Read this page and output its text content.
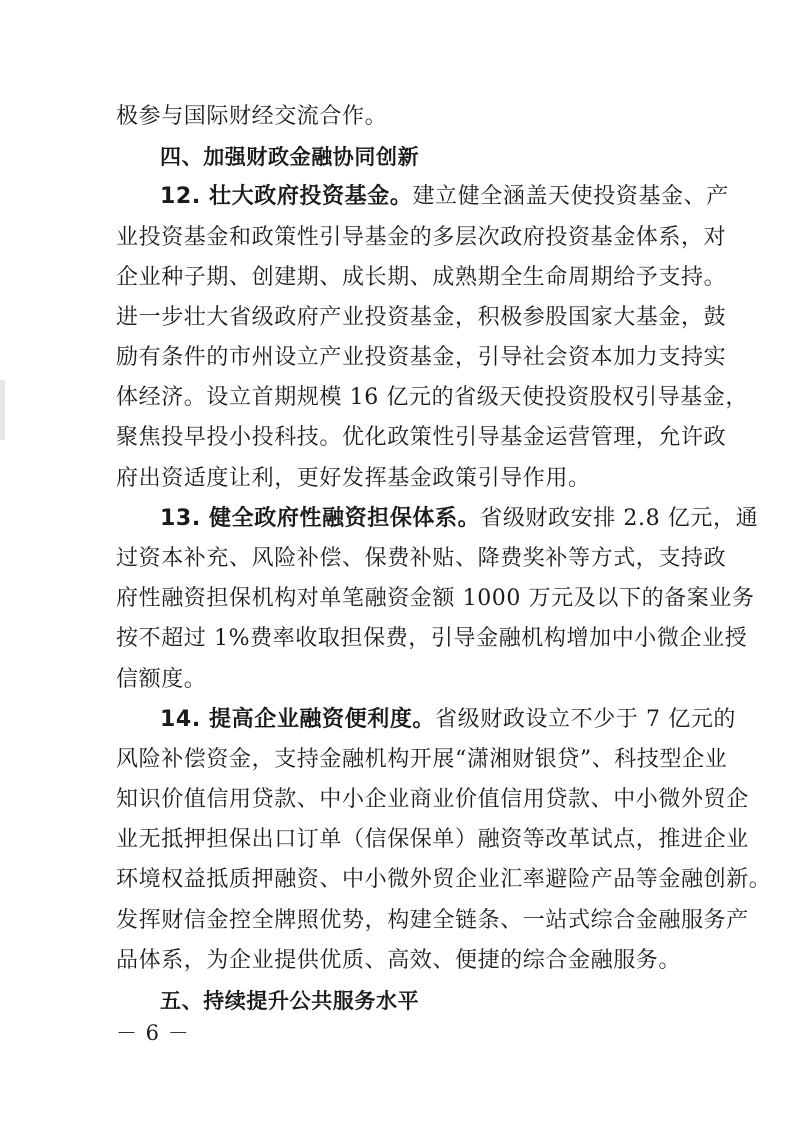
极参与国际财经交流合作。
四、加强财政金融协同创新
12. 壮大政府投资基金。建立健全涵盖天使投资基金、产
业投资基金和政策性引导基金的多层次政府投资基金体系，对
企业种子期、创建期、成长期、成熟期全生命周期给予支持。
进一步壮大省级政府产业投资基金，积极参股国家大基金，鼓
励有条件的市州设立产业投资基金，引导社会资本加力支持实
体经济。设立首期规模 16 亿元的省级天使投资股权引导基金，
聚焦投早投小投科技。优化政策性引导基金运营管理，允许政
府出资适度让利，更好发挥基金政策引导作用。
13. 健全政府性融资担保体系。省级财政安排 2.8 亿元，通
过资本补充、风险补偿、保费补贴、降费奖补等方式，支持政
府性融资担保机构对单笔融资金额 1000 万元及以下的备案业务
按不超过 1%费率收取担保费，引导金融机构增加中小微企业授
信额度。
14. 提高企业融资便利度。省级财政设立不少于 7 亿元的
风险补偿资金，支持金融机构开展“潇湘财银贷”、科技型企业
知识价值信用贷款、中小企业商业价值信用贷款、中小微外贸企
业无抵押担保出口订单（信保保单）融资等改革试点，推进企业
环境权益抵质押融资、中小微外贸企业汇率避险产品等金融创新。
发挥财信金控全牌照优势，构建全链条、一站式综合金融服务产
品体系，为企业提供优质、高效、便捷的综合金融服务。
五、持续提升公共服务水平
－ 6 －
